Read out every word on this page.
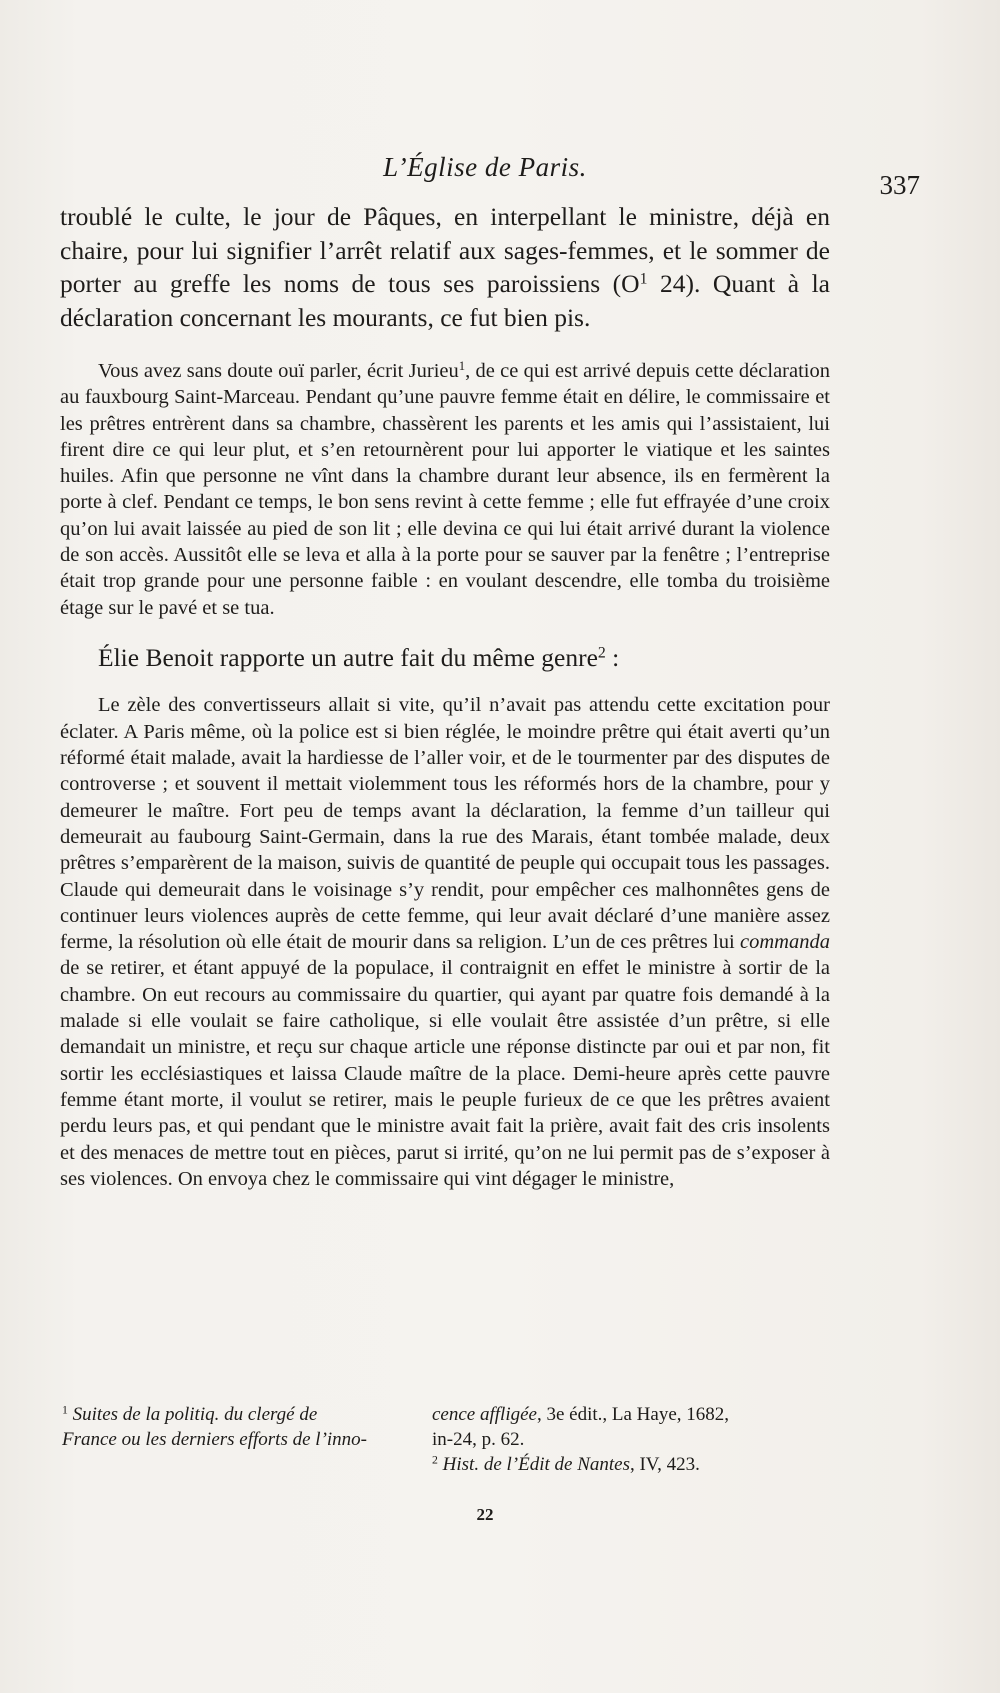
L’Église de Paris.
337

troublé le culte, le jour de Pâques, en interpellant le ministre, déjà en chaire, pour lui signifier l’arrêt relatif aux sages-femmes, et le sommer de porter au greffe les noms de tous ses paroissiens ($O^1$ 24). Quant à la déclaration concernant les mourants, ce fut bien pis.

Vous avez sans doute ouï parler, écrit Jurieu$^1$, de ce qui est arrivé depuis cette déclaration au fauxbourg Saint-Marceau. Pendant qu’une pauvre femme était en délire, le commissaire et les prêtres entrèrent dans sa chambre, chassèrent les parents et les amis qui l’assistaient, lui firent dire ce qui leur plut, et s’en retournèrent pour lui apporter le viatique et les saintes huiles. Afin que personne ne vînt dans la chambre durant leur absence, ils en fermèrent la porte à clef. Pendant ce temps, le bon sens revint à cette femme ; elle fut effrayée d’une croix qu’on lui avait laissée au pied de son lit ; elle devina ce qui lui était arrivé durant la violence de son accès. Aussitôt elle se leva et alla à la porte pour se sauver par la fenêtre ; l’entreprise était trop grande pour une personne faible : en voulant descendre, elle tomba du troisième étage sur le pavé et se tua.

Élie Benoit rapporte un autre fait du même genre$^2$ :

Le zèle des convertisseurs allait si vite, qu’il n’avait pas attendu cette excitation pour éclater. A Paris même, où la police est si bien réglée, le moindre prêtre qui était averti qu’un réformé était malade, avait la hardiesse de l’aller voir, et de le tourmenter par des disputes de controverse ; et souvent il mettait violemment tous les réformés hors de la chambre, pour y demeurer le maître. Fort peu de temps avant la déclaration, la femme d’un tailleur qui demeurait au faubourg Saint-Germain, dans la rue des Marais, étant tombée malade, deux prêtres s’emparèrent de la maison, suivis de quantité de peuple qui occupait tous les passages. Claude qui demeurait dans le voisinage s’y rendit, pour empêcher ces malhonnêtes gens de continuer leurs violences auprès de cette femme, qui leur avait déclaré d’une manière assez ferme, la résolution où elle était de mourir dans sa religion. L’un de ces prêtres lui commanda de se retirer, et étant appuyé de la populace, il contraignit en effet le ministre à sortir de la chambre. On eut recours au commissaire du quartier, qui ayant par quatre fois demandé à la malade si elle voulait se faire catholique, si elle voulait être assistée d’un prêtre, si elle demandait un ministre, et reçu sur chaque article une réponse distincte par oui et par non, fit sortir les ecclésiastiques et laissa Claude maître de la place. Demi-heure après cette pauvre femme étant morte, il voulut se retirer, mais le peuple furieux de ce que les prêtres avaient perdu leurs pas, et qui pendant que le ministre avait fait la prière, avait fait des cris insolents et des menaces de mettre tout en pièces, parut si irrité, qu’on ne lui permit pas de s’exposer à ses violences. On envoya chez le commissaire qui vint dégager le ministre,

$^1$ Suites de la politiq. du clergé de
France ou les derniers efforts de l’inno-
cence affligée, 3e édit., La Haye, 1682,
in-24, p. 62.
$^2$ Hist. de l’Édit de Nantes, IV, 423.
22
